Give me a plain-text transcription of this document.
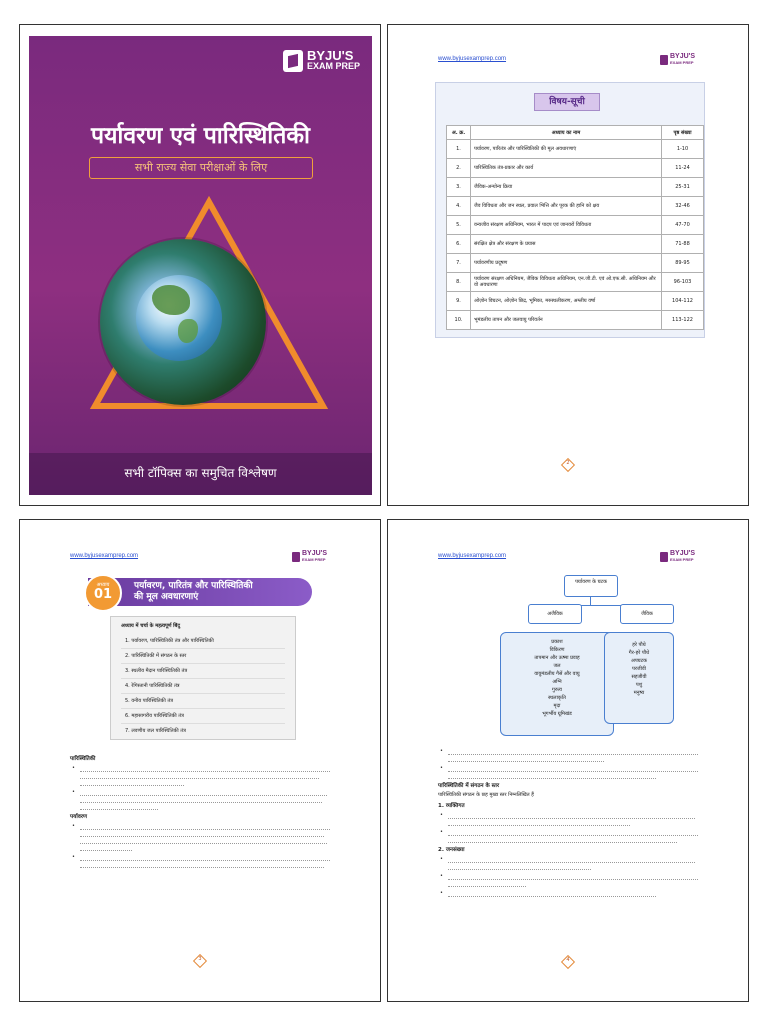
BYJU'S
EXAM PREP
पर्यावरण एवं पारिस्थितिकी
सभी राज्य सेवा परीक्षाओं के लिए
सभी टॉपिक्स का समुचित विश्लेषण
www.byjusexamprep.com	BYJU'S
EXAM PREP
विषय-सूची
अ. क्र.	अध्याय का नाम	पृष्ठ संख्या
1.	पर्यावरण, पारितंत्र और पारिस्थितिकी की मूल अवधारणाएं	1-10
2.	पारिस्थितिक तंत्र-प्रकार और कार्य	11-24
3.	जैविक-अन्योन्य क्रिया	25-31
4.	जैव विविधता और जन स्थल, प्रवाल भित्ति और पूरक की हानि को क्षय	32-46
5.	वन्यजीव संरक्षण अधिनियम, भारत में पादप एवं जानवरों विविधता	47-70
6.	संरक्षित क्षेत्र और संरक्षण के प्रयास	71-88
7.	पर्यावरणीय प्रदूषण	89-95
8.	पर्यावरण संरक्षण अधिनियम, जैविक विविधता अधिनियम, एन.जी.टी. एवं ओ.एफ.सी. अधिनियम और वो अवधारणा	96-103
9.	ओज़ोन विघटन, ओज़ोन छिद्र, भूमिका, मरुस्थलीकरण, अम्लीय वर्षा	104-112
10.	भूमंडलीय तापन और जलवायु परिवर्तन	113-122
2
www.byjusexamprep.com	BYJU'S
EXAM PREP
पर्यावरण, पारितंत्र और पारिस्थितिकी
की मूल अवधारणाएं
अध्याय
01
अध्याय में चर्चा के महत्वपूर्ण बिंदु
1. पर्यावरण, पारिस्थितिकी तंत्र और पारिस्थितिकी
2. पारिस्थितिकी में संगठन के स्तर
3. स्थलीय मैदान पारिस्थितिकी तंत्र
4. रेगिस्तानी पारिस्थितिकी तंत्र
5. वनीय पारिस्थितिकी तंत्र
6. महासागरीय पारिस्थितिकी तंत्र
7. लवणीय जल पारिस्थितिकी तंत्र
पारिस्थितिकी
•
•
पर्यावरण
•
•
3
www.byjusexamprep.com	BYJU'S
EXAM PREP
पर्यावरण के घटक
अजैविक	जैविक
प्रकाश
विकिरण
तापमान और ऊष्मा प्रवाह
जल
वायुमंडलीय गैसें और वायु
अग्नि
गुरुत्व
स्थलाकृति
मृदा
भूगर्भीय ग्रूमिखंड
हरे पौधे
गैर-हरे पौधे
अपघटक
परजीवी
सहजीवी
पशु
मनुष्य
•
•
पारिस्थितिकी में संगठन के स्तर
पारिस्थितिकी संगठन के छह मुख्य स्तर निम्नलिखित हैं
1. व्यक्तिगत
•
•
2. जनसंख्या
•
•
•
4
